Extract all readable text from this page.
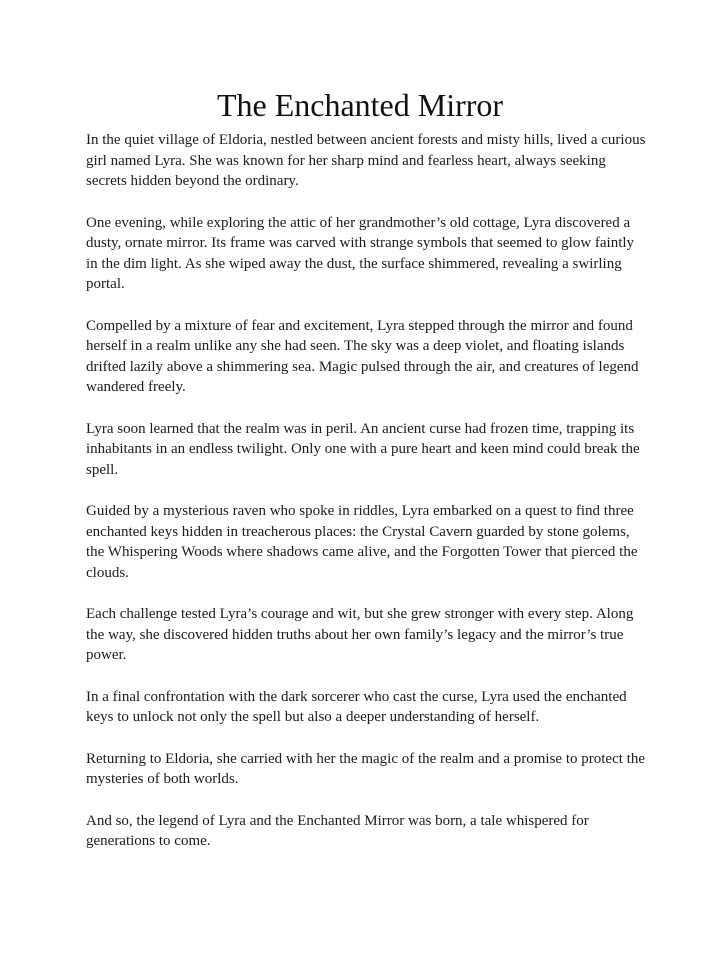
The Enchanted Mirror

In the quiet village of Eldoria, nestled between ancient forests and misty hills, lived a curious girl named Lyra. She was known for her sharp mind and fearless heart, always seeking secrets hidden beyond the ordinary.

One evening, while exploring the attic of her grandmother’s old cottage, Lyra discovered a dusty, ornate mirror. Its frame was carved with strange symbols that seemed to glow faintly in the dim light. As she wiped away the dust, the surface shimmered, revealing a swirling portal.

Compelled by a mixture of fear and excitement, Lyra stepped through the mirror and found herself in a realm unlike any she had seen. The sky was a deep violet, and floating islands drifted lazily above a shimmering sea. Magic pulsed through the air, and creatures of legend wandered freely.

Lyra soon learned that the realm was in peril. An ancient curse had frozen time, trapping its inhabitants in an endless twilight. Only one with a pure heart and keen mind could break the spell.

Guided by a mysterious raven who spoke in riddles, Lyra embarked on a quest to find three enchanted keys hidden in treacherous places: the Crystal Cavern guarded by stone golems, the Whispering Woods where shadows came alive, and the Forgotten Tower that pierced the clouds.

Each challenge tested Lyra’s courage and wit, but she grew stronger with every step. Along the way, she discovered hidden truths about her own family’s legacy and the mirror’s true power.

In a final confrontation with the dark sorcerer who cast the curse, Lyra used the enchanted keys to unlock not only the spell but also a deeper understanding of herself.

Returning to Eldoria, she carried with her the magic of the realm and a promise to protect the mysteries of both worlds.

And so, the legend of Lyra and the Enchanted Mirror was born, a tale whispered for generations to come.
